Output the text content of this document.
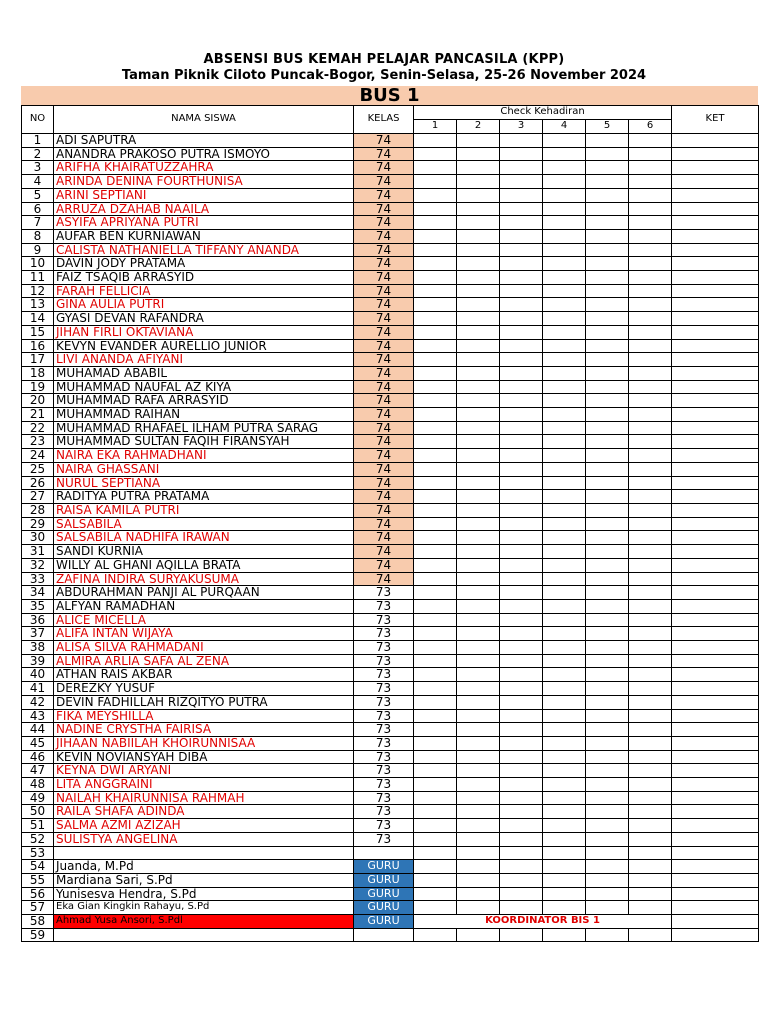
ABSENSI BUS KEMAH PELAJAR PANCASILA (KPP)
Taman Piknik Ciloto Puncak-Bogor, Senin-Selasa, 25-26 November 2024
BUS 1
NO	NAMA SISWA	KELAS	Check Kehadiran						KET
			1	2	3	4	5	6	
1	ADI SAPUTRA	74							
2	ANANDRA PRAKOSO PUTRA ISMOYO	74							
3	ARIFHA KHAIRATUZZAHRA	74							
4	ARINDA DENINA FOURTHUNISA	74							
5	ARINI SEPTIANI	74							
6	ARRUZA DZAHAB NAAILA	74							
7	ASYIFA APRIYANA PUTRI	74							
8	AUFAR BEN KURNIAWAN	74							
9	CALISTA NATHANIELLA TIFFANY ANANDA	74							
10	DAVIN JODY PRATAMA	74							
11	FAIZ TSAQIB ARRASYID	74							
12	FARAH FELLICIA	74							
13	GINA AULIA PUTRI	74							
14	GYASI DEVAN RAFANDRA	74							
15	JIHAN FIRLI OKTAVIANA	74							
16	KEVYN EVANDER AURELLIO JUNIOR	74							
17	LIVI ANANDA AFIYANI	74							
18	MUHAMAD ABABIL	74							
19	MUHAMMAD NAUFAL AZ KIYA	74							
20	MUHAMMAD RAFA ARRASYID	74							
21	MUHAMMAD RAIHAN	74							
22	MUHAMMAD RHAFAEL ILHAM PUTRA SARAG	74							
23	MUHAMMAD SULTAN FAQIH FIRANSYAH	74							
24	NAIRA EKA RAHMADHANI	74							
25	NAIRA GHASSANI	74							
26	NURUL SEPTIANA	74							
27	RADITYA PUTRA PRATAMA	74							
28	RAISA KAMILA PUTRI	74							
29	SALSABILA	74							
30	SALSABILA NADHIFA IRAWAN	74							
31	SANDI KURNIA	74							
32	WILLY AL GHANI AQILLA BRATA	74							
33	ZAFINA INDIRA SURYAKUSUMA	74							
34	ABDURAHMAN PANJI AL PURQAAN	73							
35	ALFYAN RAMADHAN	73							
36	ALICE MICELLA	73							
37	ALIFA INTAN WIJAYA	73							
38	ALISA SILVA RAHMADANI	73							
39	ALMIRA ARLIA SAFA AL ZENA	73							
40	ATHAN RAIS AKBAR	73							
41	DEREZKY YUSUF	73							
42	DEVIN FADHILLAH RIZQITYO PUTRA	73							
43	FIKA MEYSHILLA	73							
44	NADINE CRYSTHA FAIRISA	73							
45	JIHAAN NABIILAH KHOIRUNNISAA	73							
46	KEVIN NOVIANSYAH DIBA	73							
47	KEYNA DWI ARYANI	73							
48	LITA ANGGRAINI	73							
49	NAILAH KHAIRUNNISA RAHMAH	73							
50	RAILA SHAFA ADINDA	73							
51	SALMA AZMI AZIZAH	73							
52	SULISTYA ANGELINA	73							
53									
54	Juanda, M.Pd	GURU							
55	Mardiana Sari, S.Pd	GURU							
56	Yunisesva Hendra, S.Pd	GURU							
57	Eka Gian Kingkin Rahayu, S.Pd	GURU							
58	Ahmad Yusa Ansori, S.Pdl	GURU	KOORDINATOR BIS 1						
59									
